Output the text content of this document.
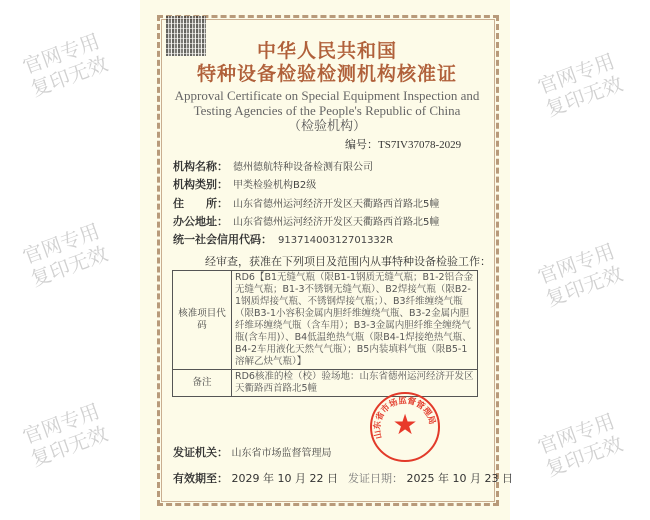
官网专用 复印无效
官网专用 复印无效
官网专用 复印无效
官网专用 复印无效
官网专用 复印无效
官网专用 复印无效
中华人民共和国
特种设备检验检测机构核准证
Approval Certificate on Special Equipment Inspection and
Testing Agencies of the People's Republic of China
（检验机构）
编号：TS7IV37078-2029
机构名称： 德州德航特种设备检测有限公司
机构类别： 甲类检验机构B2级
住　　所： 山东省德州运河经济开发区天衢路西首路北5幢
办公地址： 山东省德州运河经济开发区天衢路西首路北5幢
统一社会信用代码： 91371400312701332R
经审查，获准在下列项目及范围内从事特种设备检验工作：
核准项目代码	RD6【B1无缝气瓶（限B1-1钢质无缝气瓶；B1-2铝合金无缝气瓶；B1-3不锈钢无缝气瓶）、B2焊接气瓶（限B2-1钢质焊接气瓶、不锈钢焊接气瓶；）、B3纤维缠绕气瓶（限B3-1小容积金属内胆纤维缠绕气瓶、B3-2金属内胆纤维环缠绕气瓶（含车用）；B3-3金属内胆纤维全缠绕气瓶(含车用)）、B4低温绝热气瓶（限B4-1焊接绝热气瓶、B4-2车用液化天然气气瓶）；B5内装填料气瓶（限B5-1溶解乙炔气瓶）】
备注	RD6核准的检（校）验场地：山东省德州运河经济开发区天衢路西首路北5幢
山东省市场监督管理局
★
发证机关： 山东省市场监督管理局
有效期至： 2029 年 10 月 22 日 发证日期： 2025 年 10 月 23 日
